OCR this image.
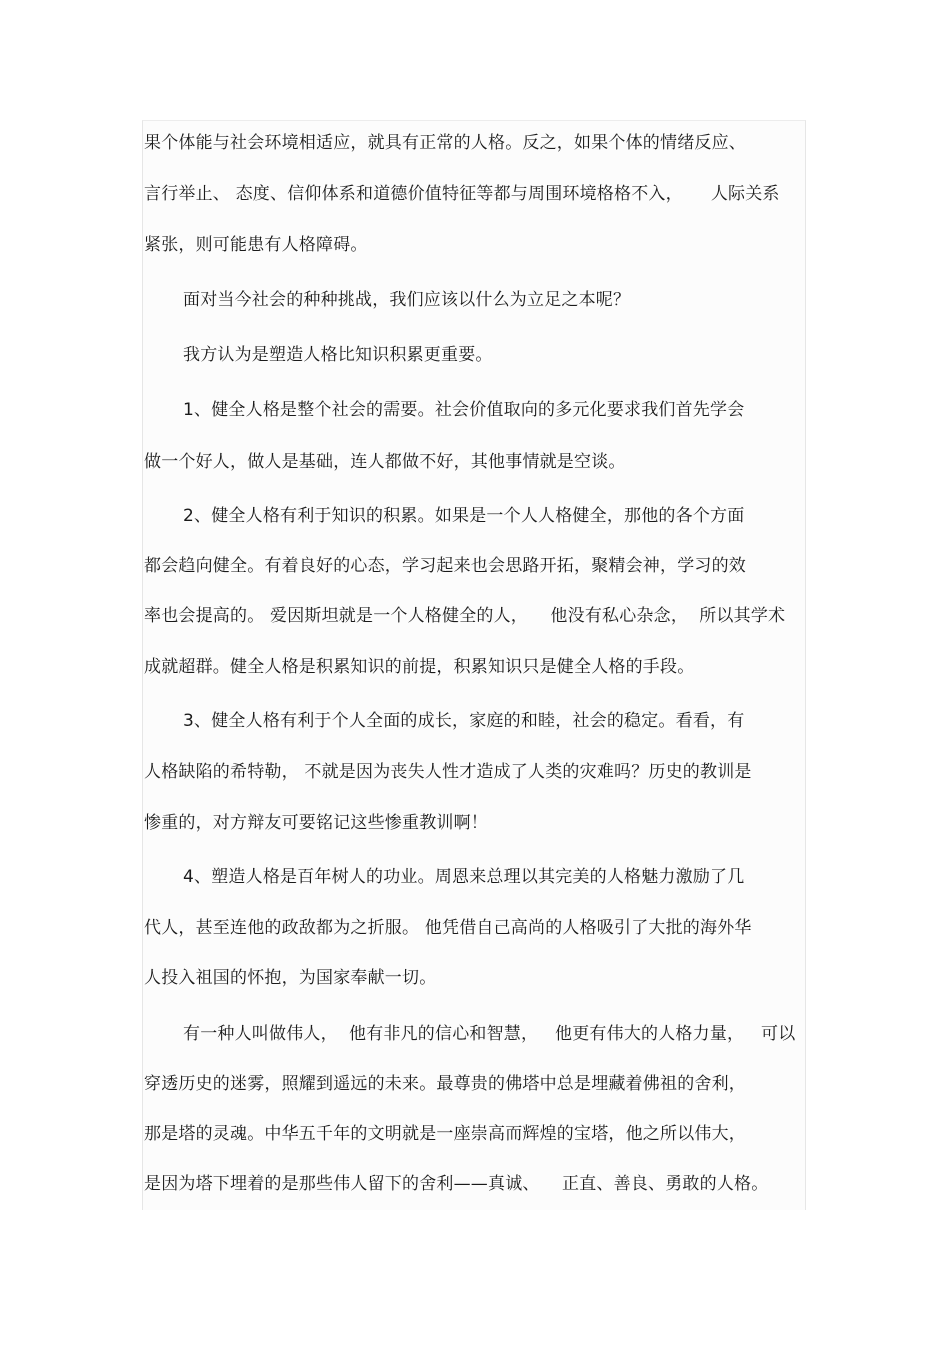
果个体能与社会环境相适应，就具有正常的人格。反之，如果个体的情绪反应、
言行举止、 态度、信仰体系和道德价值特征等都与周围环境格格不入，     人际关系
紧张，则可能患有人格障碍。
面对当今社会的种种挑战，我们应该以什么为立足之本呢？
我方认为是塑造人格比知识积累更重要。
1、健全人格是整个社会的需要。社会价值取向的多元化要求我们首先学会
做一个好人，做人是基础，连人都做不好，其他事情就是空谈。
2、健全人格有利于知识的积累。如果是一个人人格健全，那他的各个方面
都会趋向健全。有着良好的心态，学习起来也会思路开拓，聚精会神，学习的效
率也会提高的。 爱因斯坦就是一个人格健全的人，    他没有私心杂念，  所以其学术
成就超群。健全人格是积累知识的前提，积累知识只是健全人格的手段。
3、健全人格有利于个人全面的成长，家庭的和睦，社会的稳定。看看，有
人格缺陷的希特勒， 不就是因为丧失人性才造成了人类的灾难吗？历史的教训是
惨重的，对方辩友可要铭记这些惨重教训啊！
4、塑造人格是百年树人的功业。周恩来总理以其完美的人格魅力激励了几
代人，甚至连他的政敌都为之折服。 他凭借自己高尚的人格吸引了大批的海外华
人投入祖国的怀抱，为国家奉献一切。
有一种人叫做伟人，  他有非凡的信心和智慧，   他更有伟大的人格力量，   可以
穿透历史的迷雾，照耀到遥远的未来。最尊贵的佛塔中总是埋藏着佛祖的舍利，
那是塔的灵魂。中华五千年的文明就是一座崇高而辉煌的宝塔，他之所以伟大，
是因为塔下埋着的是那些伟人留下的舍利——真诚、    正直、善良、勇敢的人格。
